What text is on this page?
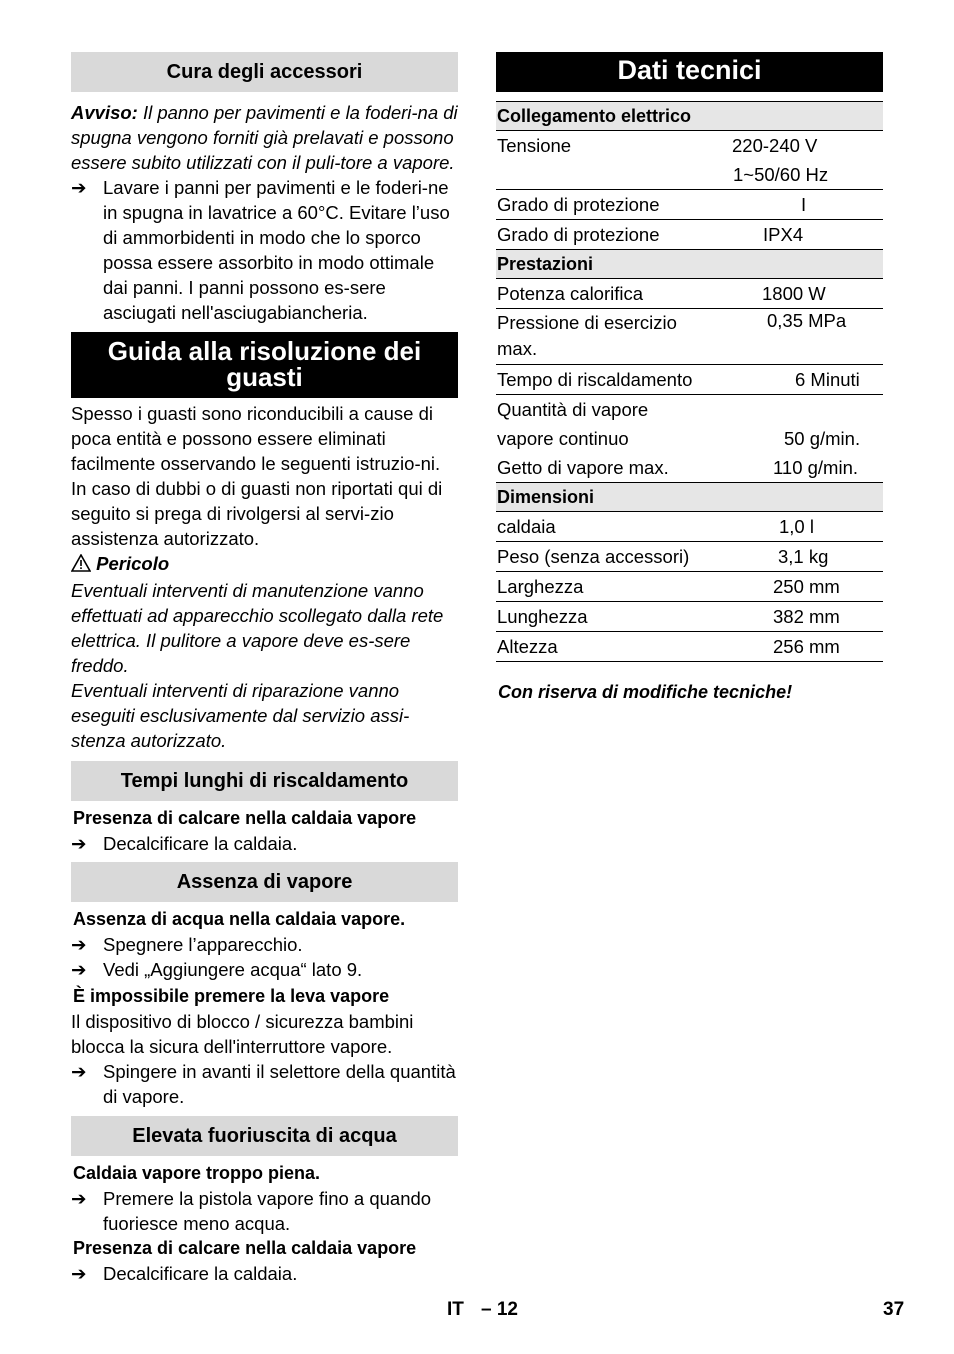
Cura degli accessori

Avviso: Il panno per pavimenti e la foderi-na di spugna vengono forniti già prelavati e possono essere subito utilizzati con il puli-tore a vapore.

➔ Lavare i panni per pavimenti e le foderi-ne in spugna in lavatrice a 60°C. Evitare l’uso di ammorbidenti in modo che lo sporco possa essere assorbito in modo ottimale dai panni. I panni possono es-sere asciugati nell'asciugabiancheria.
Guida alla risoluzione dei guasti

Spesso i guasti sono riconducibili a cause di poca entità e possono essere eliminati facilmente osservando le seguenti istruzio-ni. In caso di dubbi o di guasti non riportati qui di seguito si prega di rivolgersi al servi-zio assistenza autorizzato.

Pericolo

Eventuali interventi di manutenzione vanno effettuati ad apparecchio scollegato dalla rete elettrica. Il pulitore a vapore deve es-sere freddo.

Eventuali interventi di riparazione vanno eseguiti esclusivamente dal servizio assi-stenza autorizzato.

Tempi lunghi di riscaldamento

Presenza di calcare nella caldaia vapore

➔ Decalcificare la caldaia.
Assenza di vapore

Assenza di acqua nella caldaia vapore.

➔ Spegnere l’apparecchio.
➔ Vedi „Aggiungere acqua“ lato 9.

È impossibile premere la leva vapore

Il dispositivo di blocco / sicurezza bambini blocca la sicura dell'interruttore vapore.

➔ Spingere in avanti il selettore della quantità di vapore.
Elevata fuoriuscita di acqua

Caldaia vapore troppo piena.

➔ Premere la pistola vapore fino a quando fuoriesce meno acqua.

Presenza di calcare nella caldaia vapore

➔ Decalcificare la caldaia.
Dati tecnici
Collegamento elettrico	
Tensione	220-240 V
	1~50/60 Hz
Grado di protezione	I
Grado di protezione	IPX4
Prestazioni	
Potenza calorifica	1800 W
Pressione di esercizio max.	0,35 MPa
Tempo di riscaldamento	6 Minuti
Quantità di vapore	
vapore continuo	50 g/min.
Getto di vapore max.	110 g/min.
Dimensioni	
caldaia	1,0 l
Peso (senza accessori)	3,1 kg
Larghezza	250 mm
Lunghezza	382 mm
Altezza	256 mm

Con riserva di modifiche tecniche!

IT – 12	37
